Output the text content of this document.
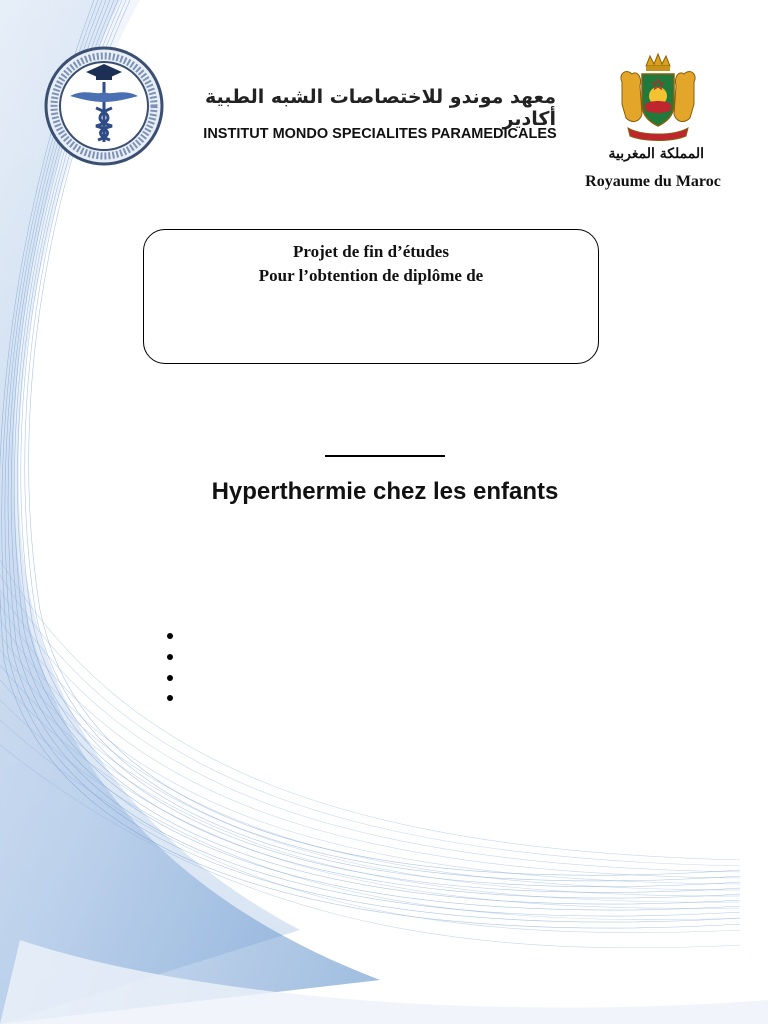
معهد موندو للاختصاصات الشبه الطبية أكادير
INSTITUT MONDO SPECIALITES PARAMEDICALES
المملكة المغربية
Royaume du Maroc
Projet de fin d’études
Pour l’obtention de diplôme de
Hyperthermie chez les enfants
